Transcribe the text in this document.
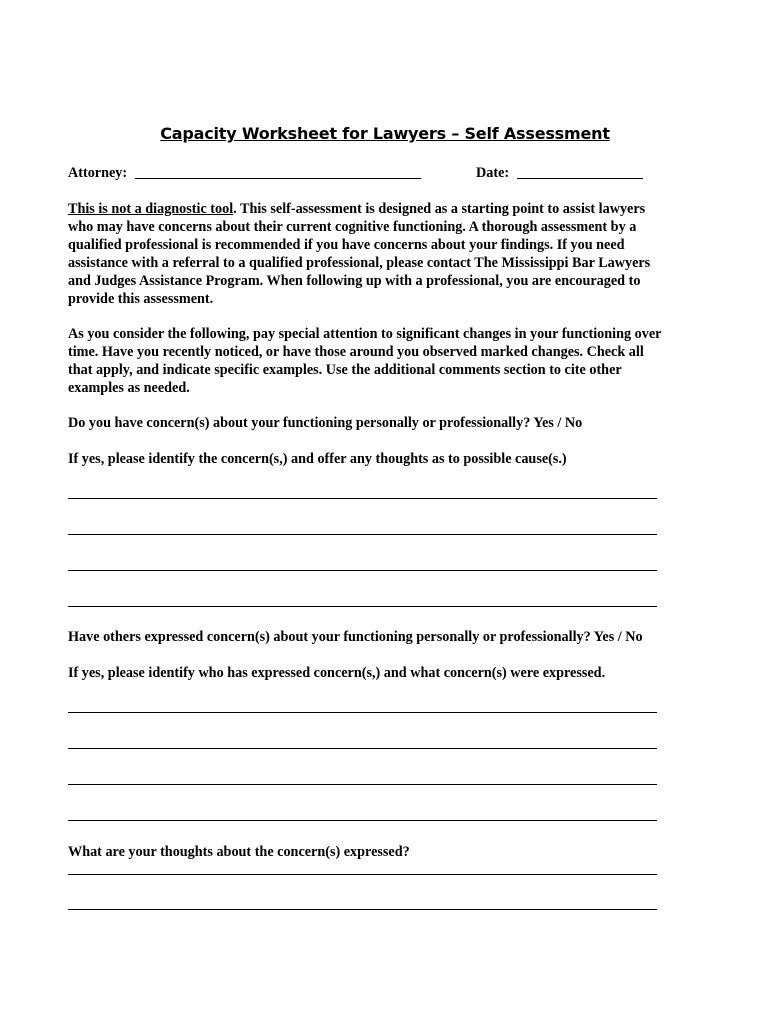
Capacity Worksheet for Lawyers – Self Assessment
Attorney:	Date:
This is not a diagnostic tool. This self-assessment is designed as a starting point to assist lawyers
who may have concerns about their current cognitive functioning. A thorough assessment by a
qualified professional is recommended if you have concerns about your findings. If you need
assistance with a referral to a qualified professional, please contact The Mississippi Bar Lawyers
and Judges Assistance Program. When following up with a professional, you are encouraged to
provide this assessment.
As you consider the following, pay special attention to significant changes in your functioning over
time. Have you recently noticed, or have those around you observed marked changes. Check all
that apply, and indicate specific examples. Use the additional comments section to cite other
examples as needed.
Do you have concern(s) about your functioning personally or professionally? Yes / No
If yes, please identify the concern(s,) and offer any thoughts as to possible cause(s.)
Have others expressed concern(s) about your functioning personally or professionally? Yes / No
If yes, please identify who has expressed concern(s,) and what concern(s) were expressed.
What are your thoughts about the concern(s) expressed?
